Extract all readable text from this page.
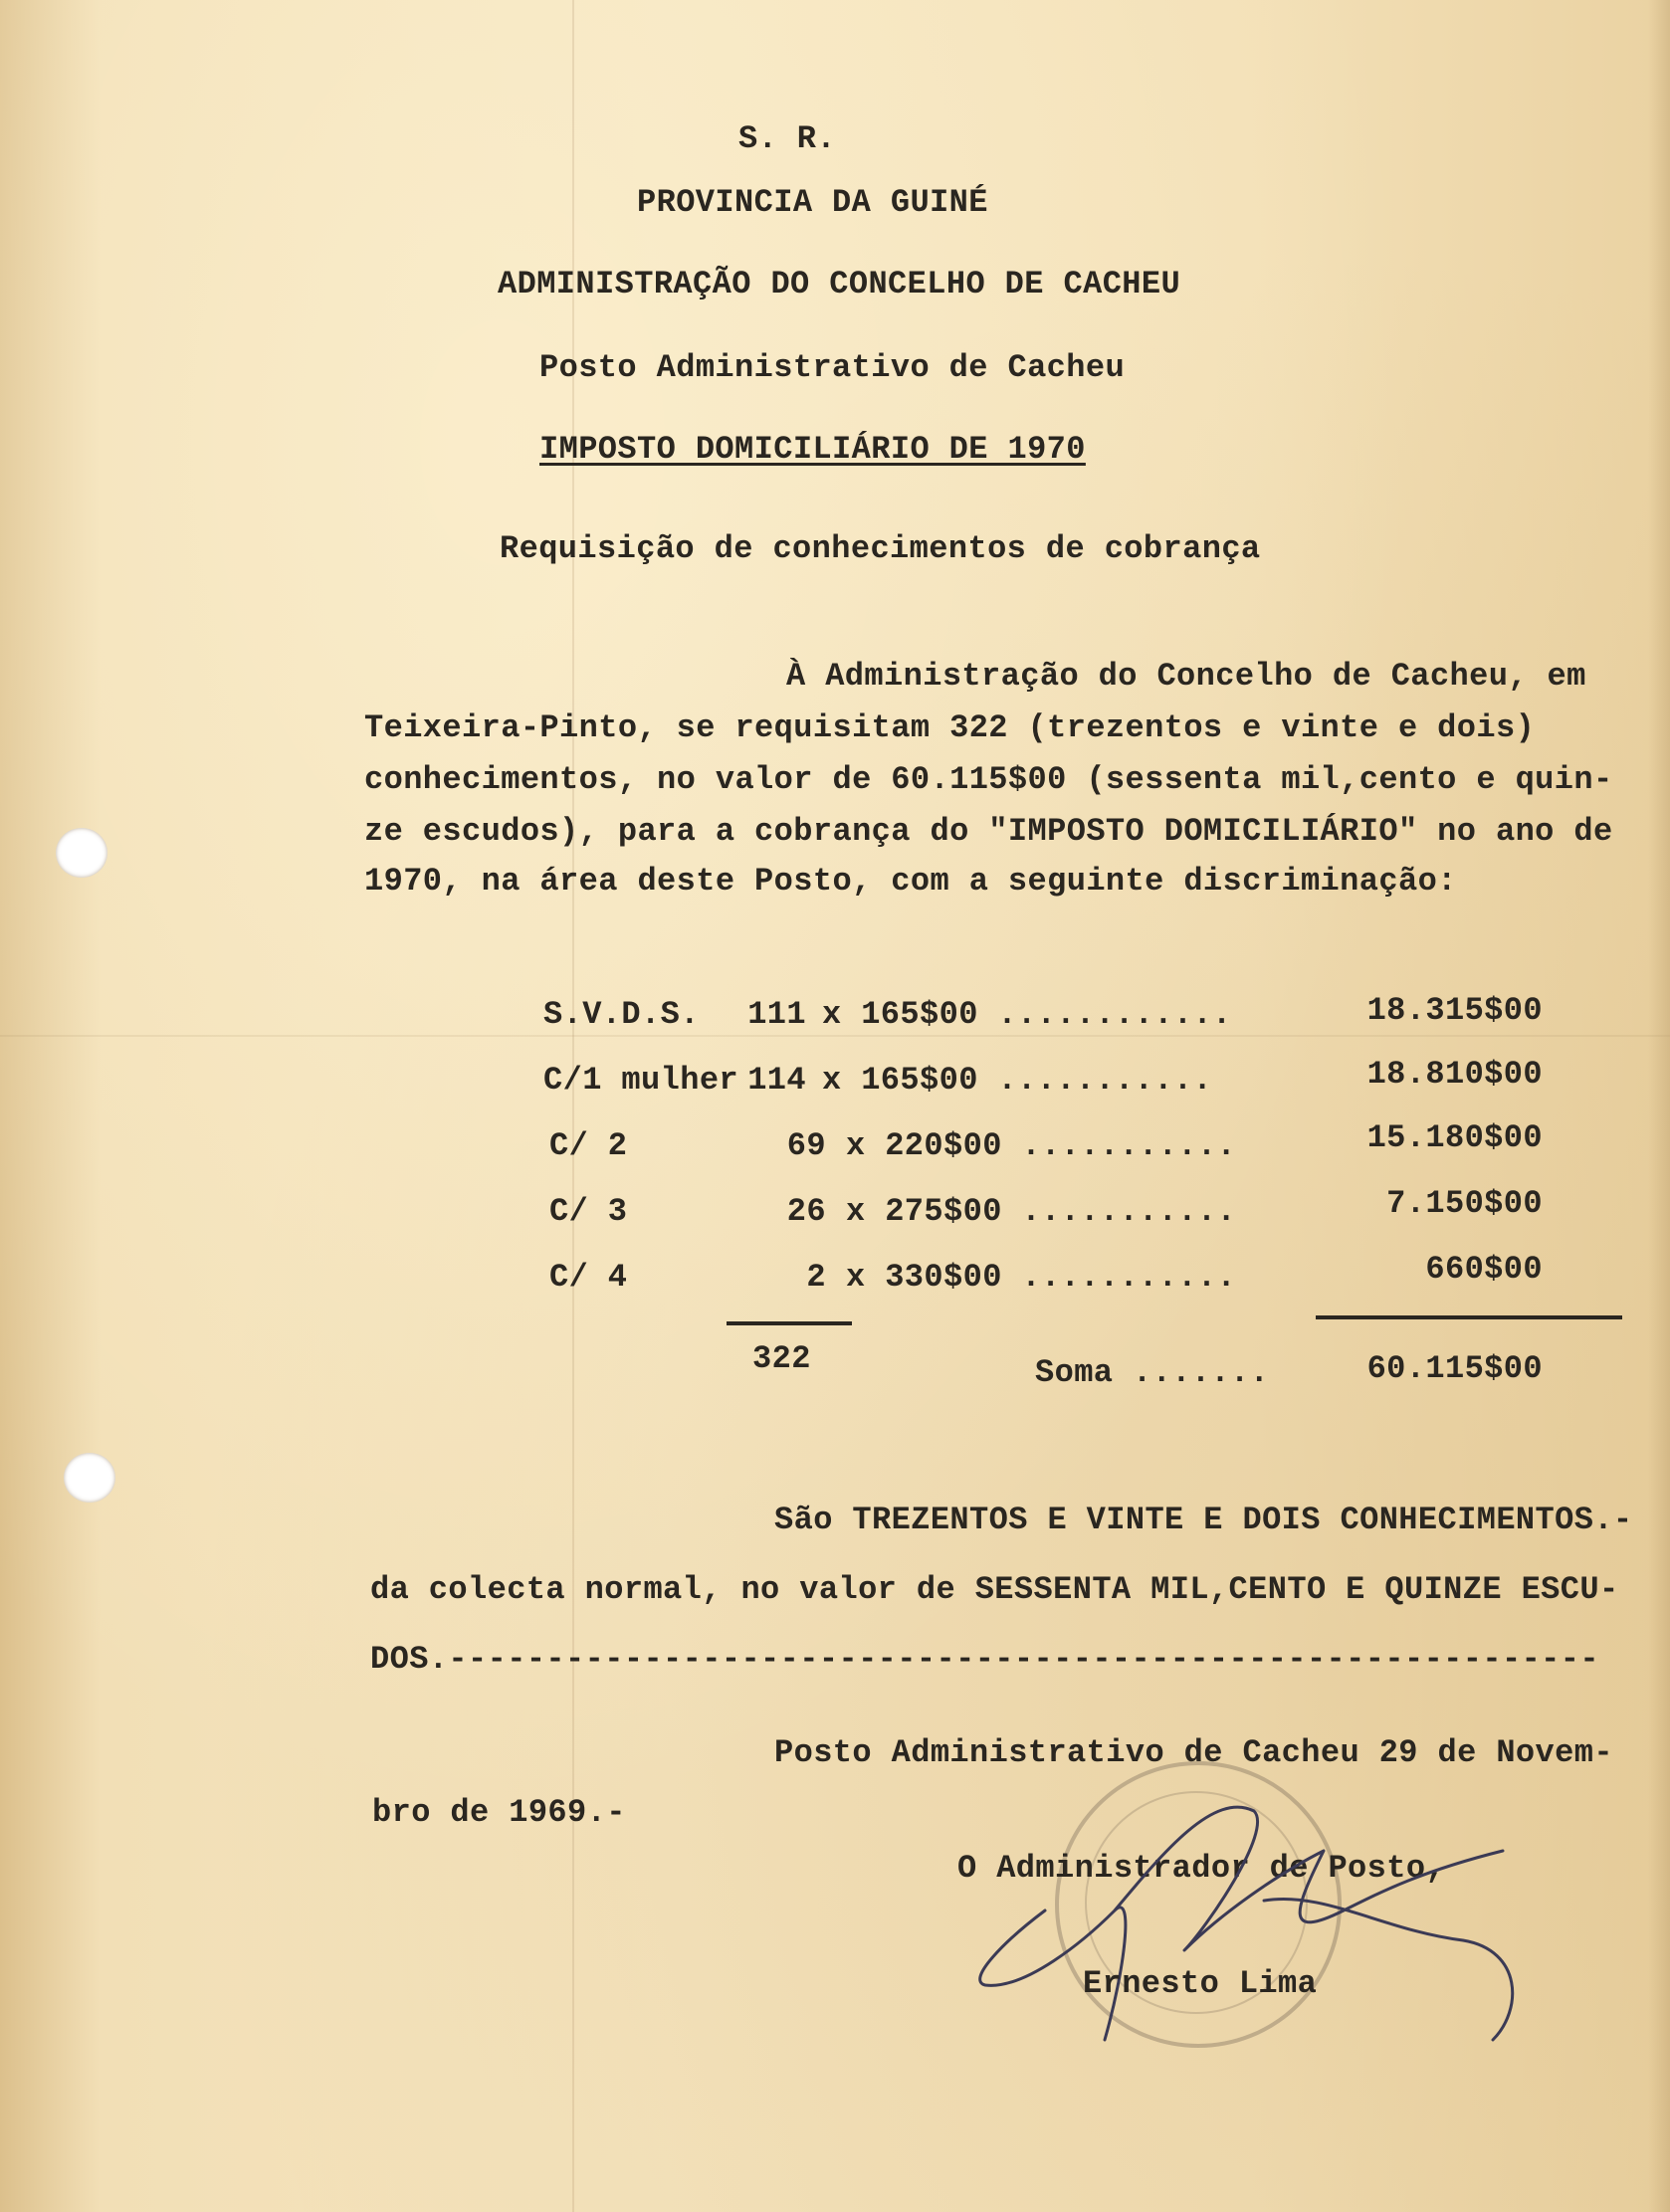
S. R.
PROVINCIA DA GUINÉ
ADMINISTRAÇÃO DO CONCELHO DE CACHEU
Posto Administrativo de Cacheu
IMPOSTO DOMICILIÁRIO DE 1970
Requisição de conhecimentos de cobrança
À Administração do Concelho de Cacheu, em
Teixeira-Pinto, se requisitam 322 (trezentos e vinte e dois)
conhecimentos, no valor de 60.115$00 (sessenta mil,cento e quin-
ze escudos), para a cobrança do "IMPOSTO DOMICILIÁRIO" no ano de
1970, na área deste Posto, com a seguinte discriminação:
S.V.D.S.	111 x 165$00 ............	18.315$00
C/1 mulher 114 x 165$00 ...........	18.810$00
C/ 2	69 x 220$00 ...........	15.180$00
C/ 3	26 x 275$00 ...........	7.150$00
C/ 4	2 x 330$00 ...........	660$00
322	Soma .......	60.115$00
São TREZENTOS E VINTE E DOIS CONHECIMENTOS.-
da colecta normal, no valor de SESSENTA MIL,CENTO E QUINZE ESCU-
DOS.-----------------------------------------------------------
Posto Administrativo de Cacheu 29 de Novem-
bro de 1969.-
O Administrador de Posto,
Ernesto Lima
